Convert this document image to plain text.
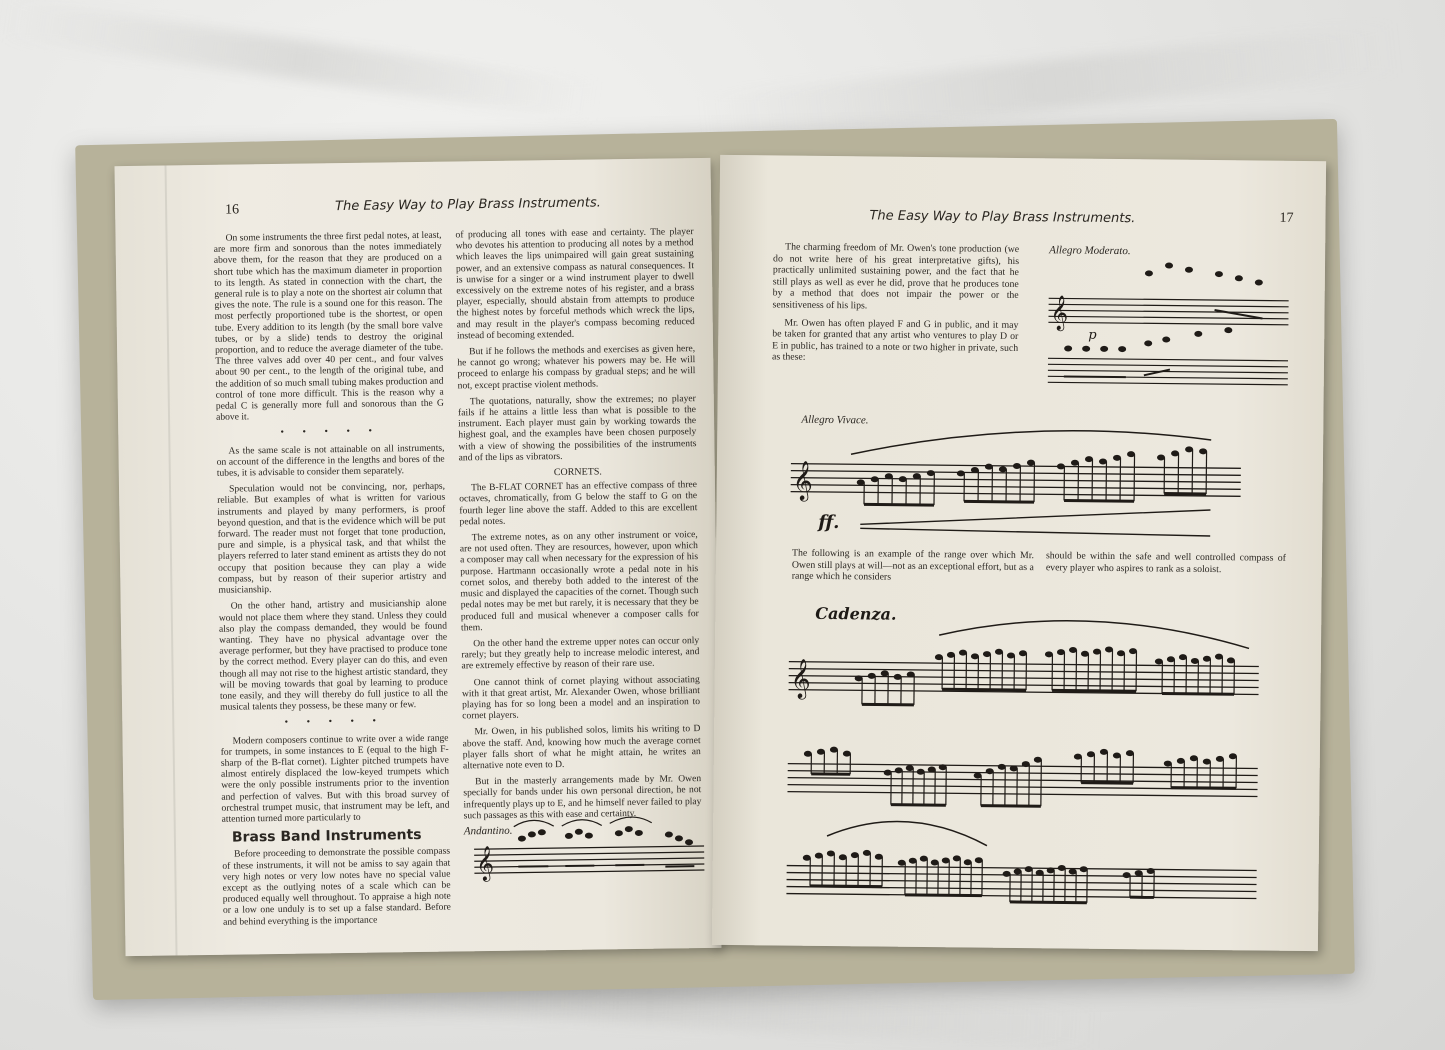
16	The Easy Way to Play Brass Instruments.

On some instruments the three first pedal notes, at least, are more firm and sonorous than the notes immediately above them, for the reason that they are produced on a short tube which has the maximum diameter in proportion to its length. As stated in connection with the chart, the general rule is to play a note on the shortest air column that gives the note. The rule is a sound one for this reason. The most perfectly proportioned tube is the shortest, or open tube. Every addition to its length (by the small bore valve tubes, or by a slide) tends to destroy the original proportion, and to reduce the average diameter of the tube. The three valves add over 40 per cent., and four valves about 90 per cent., to the length of the original tube, and the addition of so much small tubing makes production and control of tone more difficult. This is the reason why a pedal C is generally more full and sonorous than the G above it.

• • • • •

As the same scale is not attainable on all instruments, on account of the difference in the lengths and bores of the tubes, it is advisable to consider them separately.

Speculation would not be convincing, nor, perhaps, reliable. But examples of what is written for various instruments and played by many performers, is proof beyond question, and that is the evidence which will be put forward. The reader must not forget that tone production, pure and simple, is a physical task, and that whilst the players referred to later stand eminent as artists they do not occupy that position because they can play a wide compass, but by reason of their superior artistry and musicianship.

On the other hand, artistry and musicianship alone would not place them where they stand. Unless they could also play the compass demanded, they would be found wanting. They have no physical advantage over the average performer, but they have practised to produce tone by the correct method. Every player can do this, and even though all may not rise to the highest artistic standard, they will be moving towards that goal by learning to produce tone easily, and they will thereby do full justice to all the musical talents they possess, be these many or few.

• • • • •

Modern composers continue to write over a wide range for trumpets, in some instances to E (equal to the high F-sharp of the B-flat cornet). Lighter pitched trumpets have almost entirely displaced the low-keyed trumpets which were the only possible instruments prior to the invention and perfection of valves. But with this broad survey of orchestral trumpet music, that instrument may be left, and attention turned more particularly to

Brass Band Instruments

Before proceeding to demonstrate the possible compass of these instruments, it will not be amiss to say again that very high notes or very low notes have no special value except as the outlying notes of a scale which can be produced equally well throughout. To appraise a high note or a low one unduly is to set up a false standard. Before and behind everything is the importance

of producing all tones with ease and certainty. The player who devotes his attention to producing all notes by a method which leaves the lips unimpaired will gain great sustaining power, and an extensive compass as natural consequences. It is unwise for a singer or a wind instrument player to dwell excessively on the extreme notes of his register, and a brass player, especially, should abstain from attempts to produce the highest notes by forceful methods which wreck the lips, and may result in the player's compass becoming reduced instead of becoming extended.

But if he follows the methods and exercises as given here, he cannot go wrong; whatever his powers may be. He will proceed to enlarge his compass by gradual steps; and he will not, except practise violent methods.

The quotations, naturally, show the extremes; no player fails if he attains a little less than what is possible to the instrument. Each player must gain by working towards the highest goal, and the examples have been chosen purposely with a view of showing the possibilities of the instruments and of the lips as vibrators.

CORNETS.

The B-FLAT CORNET has an effective compass of three octaves, chromatically, from G below the staff to G on the fourth leger line above the staff. Added to this are excellent pedal notes.

The extreme notes, as on any other instrument or voice, are not used often. They are resources, however, upon which a composer may call when necessary for the expression of his purpose. Hartmann occasionally wrote a pedal note in his cornet solos, and thereby both added to the interest of the music and displayed the capacities of the cornet. Though such pedal notes may be met but rarely, it is necessary that they be produced full and musical whenever a composer calls for them.

On the other hand the extreme upper notes can occur only rarely; but they greatly help to increase melodic interest, and are extremely effective by reason of their rare use.

One cannot think of cornet playing without associating with it that great artist, Mr. Alexander Owen, whose brilliant playing has for so long been a model and an inspiration to cornet players.

Mr. Owen, in his published solos, limits his writing to D above the staff. And, knowing how much the average cornet player falls short of what he might attain, he writes an alternative note even to D.

But in the masterly arrangements made by Mr. Owen specially for bands under his own personal direction, he not infrequently plays up to E, and he himself never failed to play such passages as this with ease and certainty.

Andantino.
𝄞
The Easy Way to Play Brass Instruments.	17

The charming freedom of Mr. Owen's tone production (we do not write here of his great interpretative gifts), his practically unlimited sustaining power, and the fact that he still plays as well as ever he did, prove that he produces tone by a method that does not impair the power or the sensitiveness of his lips.

Mr. Owen has often played F and G in public, and it may be taken for granted that any artist who ventures to play D or E in public, has trained to a note or two higher in private, such as these:

Allegro Moderato.
𝄞
p
Allegro Vivace.
𝄞
ff.
The following is an example of the range over which Mr. Owen still plays at will—not as an exceptional effort, but as a range which he considers
should be within the safe and well controlled compass of every player who aspires to rank as a soloist.
Cadenza.
𝄞
